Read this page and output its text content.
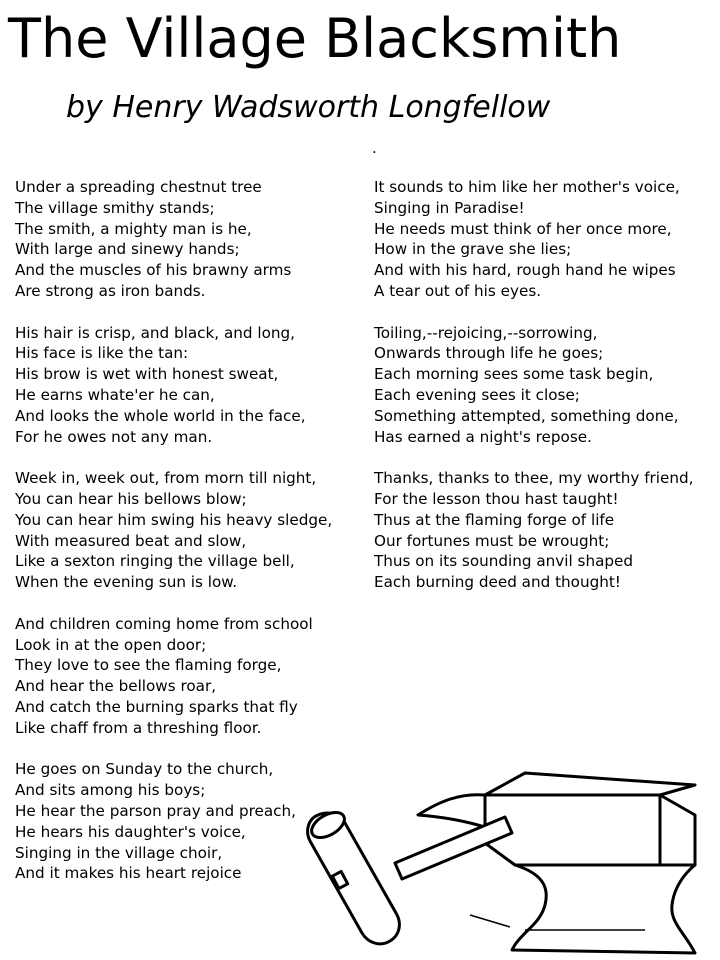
The Village Blacksmith
by Henry Wadsworth Longfellow
.
Under a spreading chestnut tree
The village smithy stands;
The smith, a mighty man is he,
With large and sinewy hands;
And the muscles of his brawny arms
Are strong as iron bands.
His hair is crisp, and black, and long,
His face is like the tan:
His brow is wet with honest sweat,
He earns whate'er he can,
And looks the whole world in the face,
For he owes not any man.
Week in, week out, from morn till night,
You can hear his bellows blow;
You can hear him swing his heavy sledge,
With measured beat and slow,
Like a sexton ringing the village bell,
When the evening sun is low.
And children coming home from school
Look in at the open door;
They love to see the flaming forge,
And hear the bellows roar,
And catch the burning sparks that fly
Like chaff from a threshing floor.
He goes on Sunday to the church,
And sits among his boys;
He hear the parson pray and preach,
He hears his daughter's voice,
Singing in the village choir,
And it makes his heart rejoice
It sounds to him like her mother's voice,
Singing in Paradise!
He needs must think of her once more,
How in the grave she lies;
And with his hard, rough hand he wipes
A tear out of his eyes.
Toiling,--rejoicing,--sorrowing,
Onwards through life he goes;
Each morning sees some task begin,
Each evening sees it close;
Something attempted, something done,
Has earned a night's repose.
Thanks, thanks to thee, my worthy friend,
For the lesson thou hast taught!
Thus at the flaming forge of life
Our fortunes must be wrought;
Thus on its sounding anvil shaped
Each burning deed and thought!
